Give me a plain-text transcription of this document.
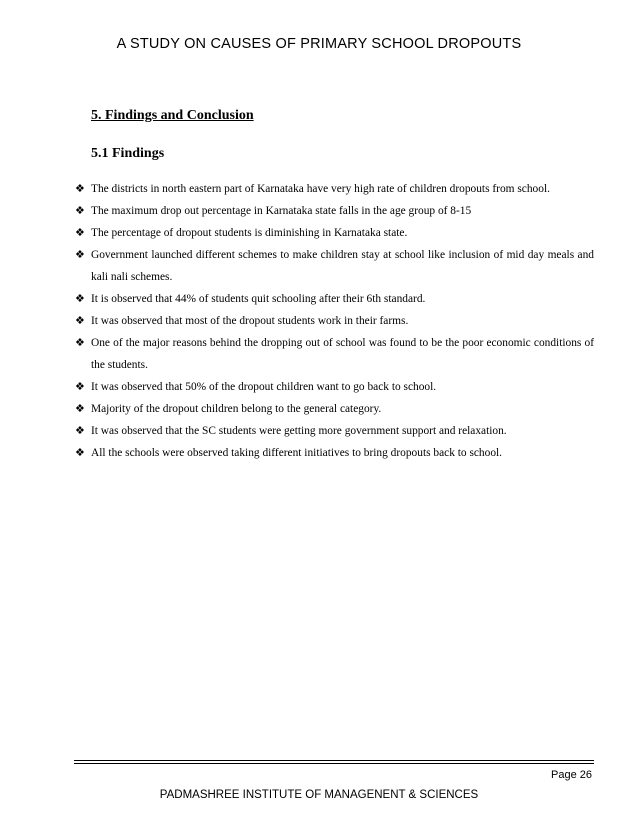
A STUDY ON CAUSES OF PRIMARY SCHOOL DROPOUTS
5. Findings and Conclusion
5.1 Findings
❖ The districts in north eastern part of Karnataka have very high rate of children dropouts from school.
❖ The maximum drop out percentage in Karnataka state falls in the age group of 8-15
❖ The percentage of dropout students is diminishing in Karnataka state.
❖ Government launched different schemes to make children stay at school like inclusion of mid day meals and kali nali schemes.
❖ It is observed that 44% of students quit schooling after their 6th standard.
❖ It was observed that most of the dropout students work in their farms.
❖ One of the major reasons behind the dropping out of school was found to be the poor economic conditions of the students.
❖ It was observed that 50% of the dropout children want to go back to school.
❖ Majority of the dropout children belong to the general category.
❖ It was observed that the SC students were getting more government support and relaxation.
❖ All the schools were observed taking different initiatives to bring dropouts back to school.
Page 26
PADMASHREE INSTITUTE OF MANAGENENT & SCIENCES
